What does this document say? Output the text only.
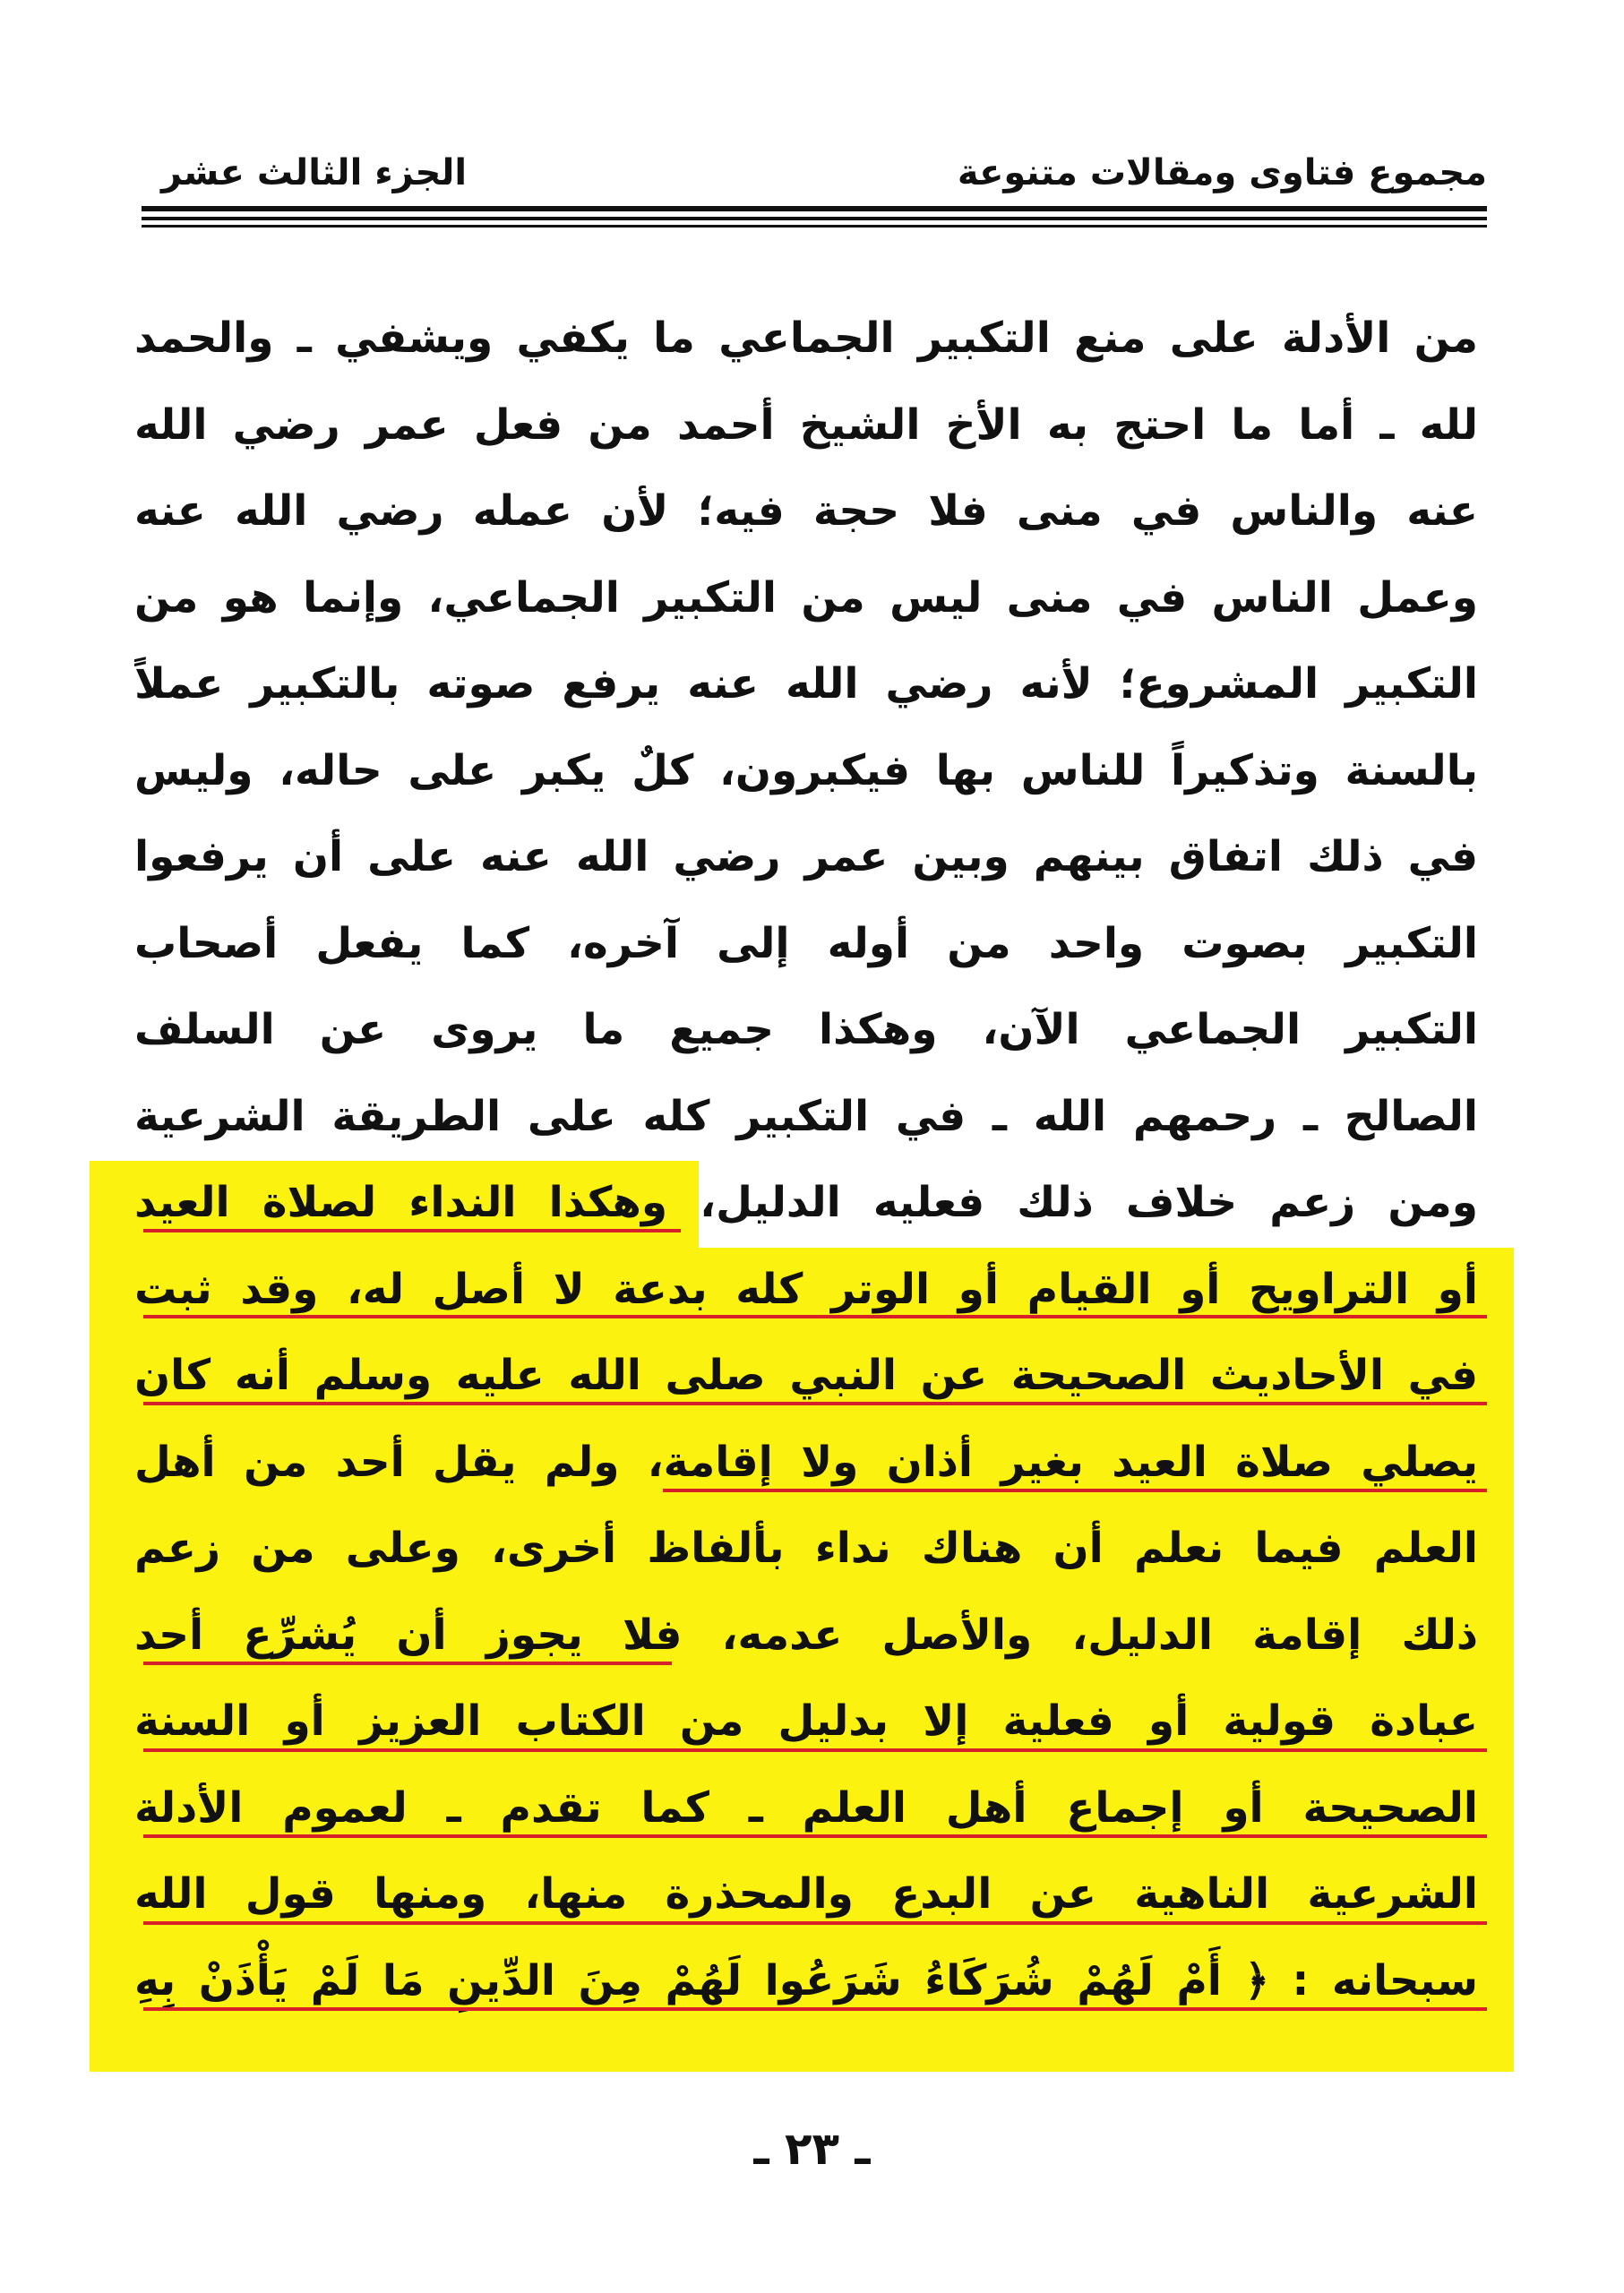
مجموع فتاوى ومقالات متنوعة
الجزء الثالث عشر
من الأدلة على منع التكبير الجماعي ما يكفي ويشفي ـ والحمد
لله ـ أما ما احتج به الأخ الشيخ أحمد من فعل عمر رضي الله
عنه والناس في منى فلا حجة فيه؛ لأن عمله رضي الله عنه
وعمل الناس في منى ليس من التكبير الجماعي، وإنما هو من
التكبير المشروع؛ لأنه رضي الله عنه يرفع صوته بالتكبير عملاً
بالسنة وتذكيراً للناس بها فيكبرون، كلٌ يكبر على حاله، وليس
في ذلك اتفاق بينهم وبين عمر رضي الله عنه على أن يرفعوا
التكبير بصوت واحد من أوله إلى آخره، كما يفعل أصحاب
التكبير الجماعي الآن، وهكذا جميع ما يروى عن السلف
الصالح ـ رحمهم الله ـ في التكبير كله على الطريقة الشرعية
ومن زعم خلاف ذلك فعليه الدليل، وهكذا النداء لصلاة العيد
أو التراويح أو القيام أو الوتر كله بدعة لا أصل له، وقد ثبت
في الأحاديث الصحيحة عن النبي صلى الله عليه وسلم أنه كان
يصلي صلاة العيد بغير أذان ولا إقامة، ولم يقل أحد من أهل
العلم فيما نعلم أن هناك نداء بألفاظ أخرى، وعلى من زعم
ذلك إقامة الدليل، والأصل عدمه، فلا يجوز أن يُشرِّع أحد
عبادة قولية أو فعلية إلا بدليل من الكتاب العزيز أو السنة
الصحيحة أو إجماع أهل العلم ـ كما تقدم ـ لعموم الأدلة
الشرعية الناهية عن البدع والمحذرة منها، ومنها قول الله
سبحانه : ﴿ أَمْ لَهُمْ شُرَكَاءُ شَرَعُوا لَهُمْ مِنَ الدِّينِ مَا لَمْ يَأْذَنْ بِهِ
ـ ٢٣ ـ
